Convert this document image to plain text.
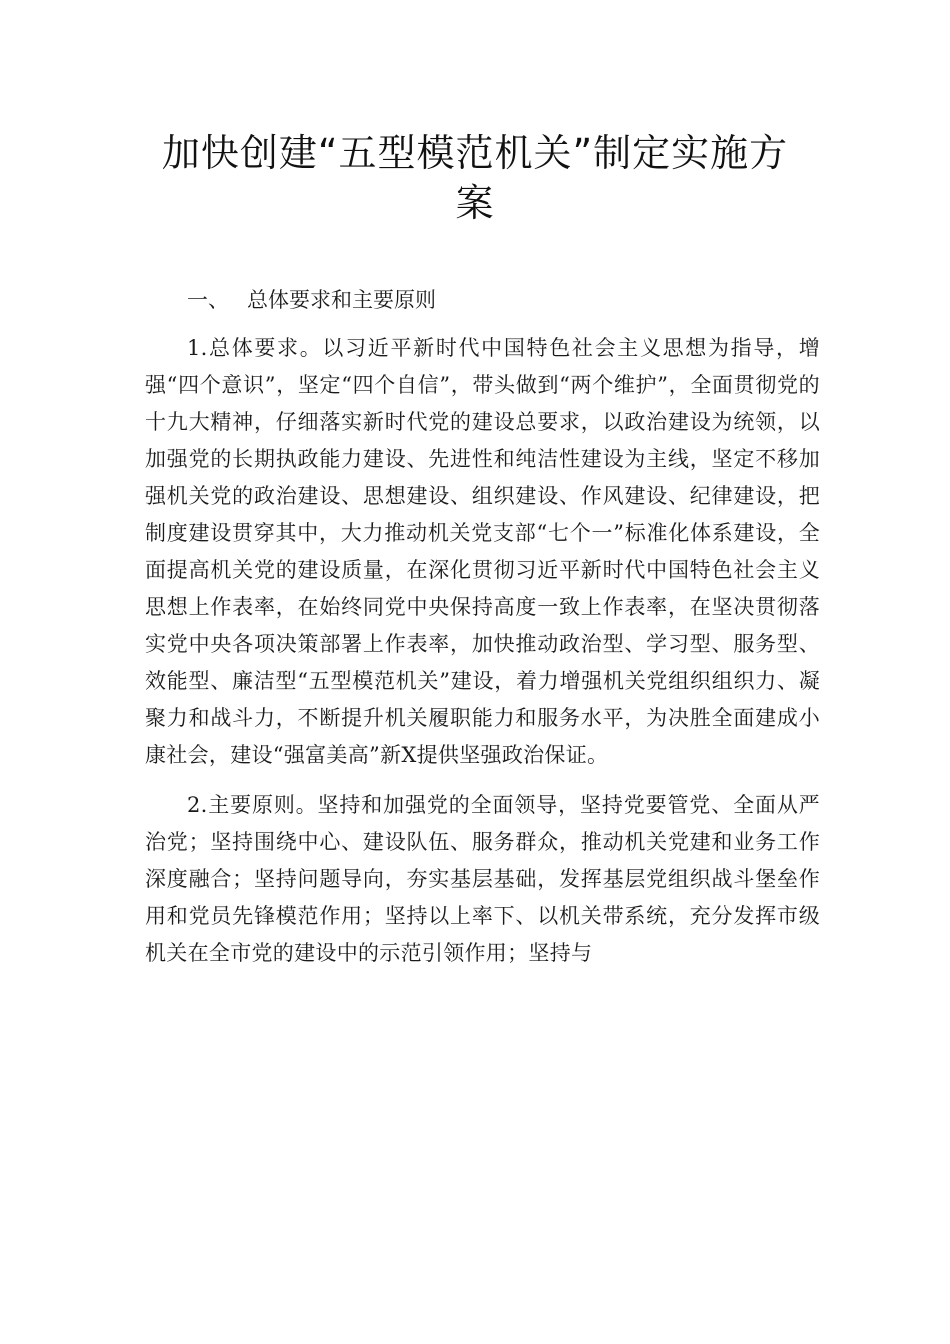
加快创建“五型模范机关”制定实施方
案

一、 总体要求和主要原则

1.总体要求。以习近平新时代中国特色社会主义思想为指导，增强“四个意识”，坚定“四个自信”，带头做到“两个维护”，全面贯彻党的十九大精神，仔细落实新时代党的建设总要求，以政治建设为统领，以加强党的长期执政能力建设、先进性和纯洁性建设为主线，坚定不移加强机关党的政治建设、思想建设、组织建设、作风建设、纪律建设，把制度建设贯穿其中，大力推动机关党支部“七个一”标准化体系建设，全面提高机关党的建设质量，在深化贯彻习近平新时代中国特色社会主义思想上作表率，在始终同党中央保持高度一致上作表率，在坚决贯彻落实党中央各项决策部署上作表率，加快推动政治型、学习型、服务型、效能型、廉洁型“五型模范机关”建设，着力增强机关党组织组织力、凝聚力和战斗力，不断提升机关履职能力和服务水平，为决胜全面建成小康社会，建设“强富美高”新X提供坚强政治保证。

2.主要原则。坚持和加强党的全面领导，坚持党要管党、全面从严治党；坚持围绕中心、建设队伍、服务群众，推动机关党建和业务工作深度融合；坚持问题导向，夯实基层基础，发挥基层党组织战斗堡垒作用和党员先锋模范作用；坚持以上率下、以机关带系统，充分发挥市级机关在全市党的建设中的示范引领作用；坚持与
